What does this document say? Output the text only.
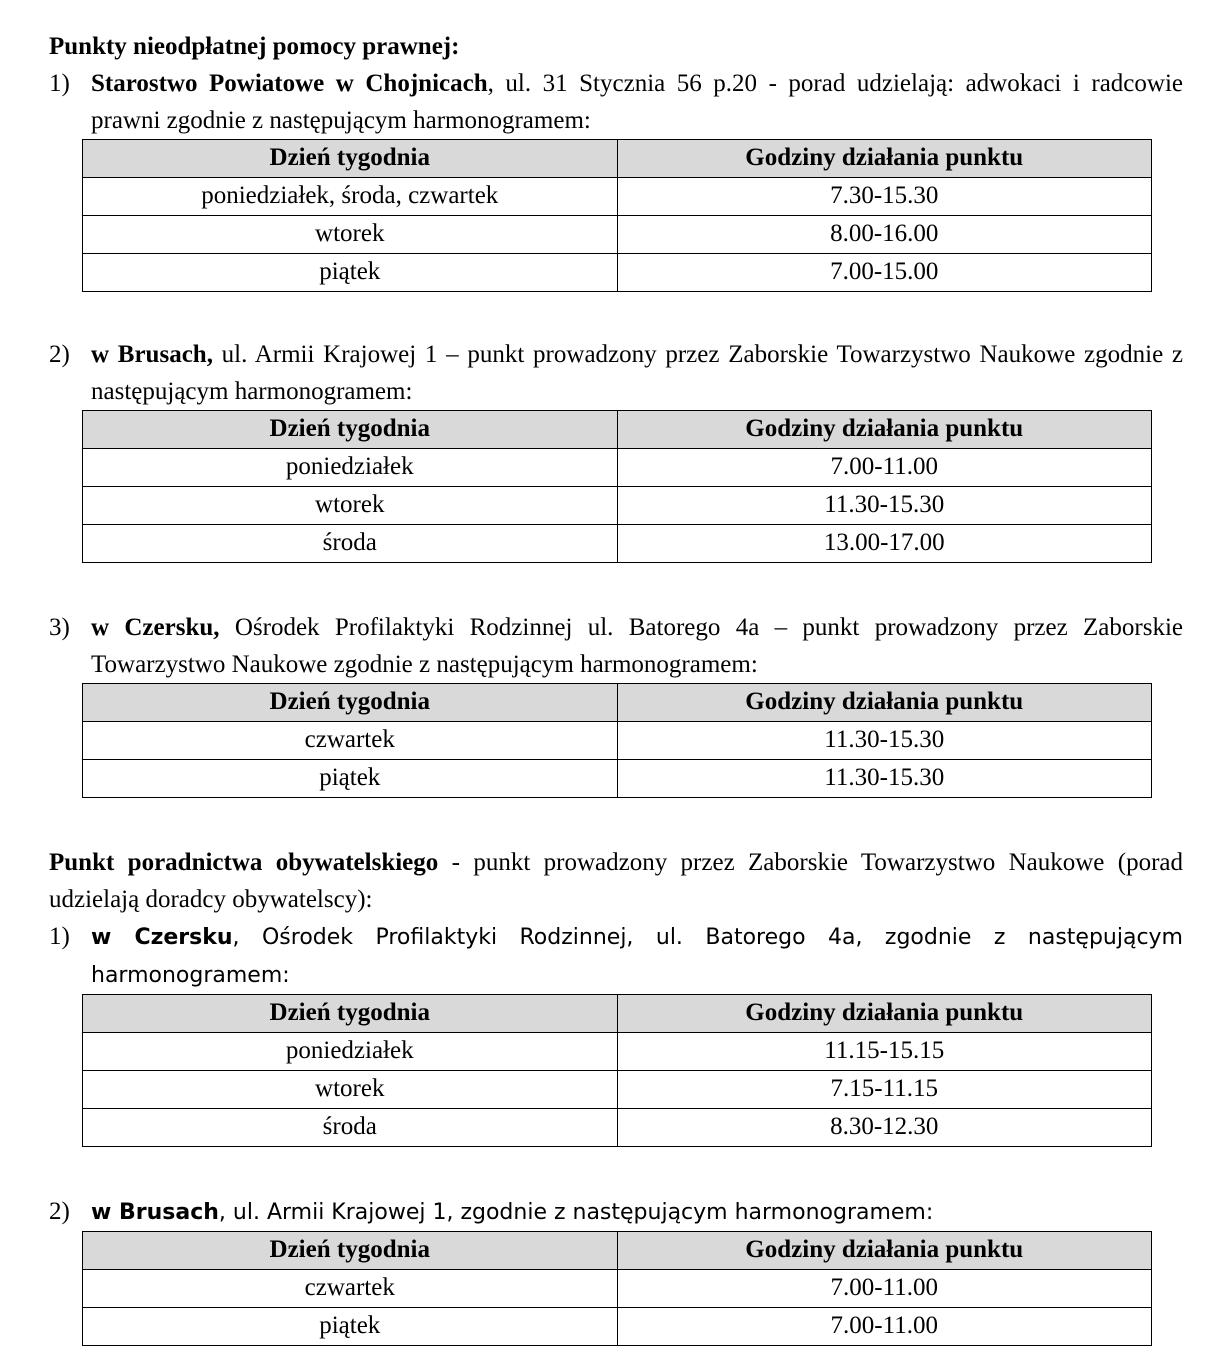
Punkty nieodpłatnej pomocy prawnej:

1) Starostwo Powiatowe w Chojnicach, ul. 31 Stycznia 56 p.20 - porad udzielają: adwokaci i radcowie prawni zgodnie z następującym harmonogramem:
Dzień tygodnia	Godziny działania punktu
poniedziałek, środa, czwartek	7.30-15.30
wtorek	8.00-16.00
piątek	7.00-15.00
2) w Brusach, ul. Armii Krajowej 1 – punkt prowadzony przez Zaborskie Towarzystwo Naukowe zgodnie z następującym harmonogramem:
Dzień tygodnia	Godziny działania punktu
poniedziałek	7.00-11.00
wtorek	11.30-15.30
środa	13.00-17.00
3) w Czersku, Ośrodek Profilaktyki Rodzinnej ul. Batorego 4a – punkt prowadzony przez Zaborskie Towarzystwo Naukowe zgodnie z następującym harmonogramem:
Dzień tygodnia	Godziny działania punktu
czwartek	11.30-15.30
piątek	11.30-15.30

Punkt poradnictwa obywatelskiego - punkt prowadzony przez Zaborskie Towarzystwo Naukowe (porad udzielają doradcy obywatelscy):

1) w Czersku, Ośrodek Profilaktyki Rodzinnej, ul. Batorego 4a, zgodnie z następującym harmonogramem:
Dzień tygodnia	Godziny działania punktu
poniedziałek	11.15-15.15
wtorek	7.15-11.15
środa	8.30-12.30
2) w Brusach, ul. Armii Krajowej 1, zgodnie z następującym harmonogramem:
Dzień tygodnia	Godziny działania punktu
czwartek	7.00-11.00
piątek	7.00-11.00
